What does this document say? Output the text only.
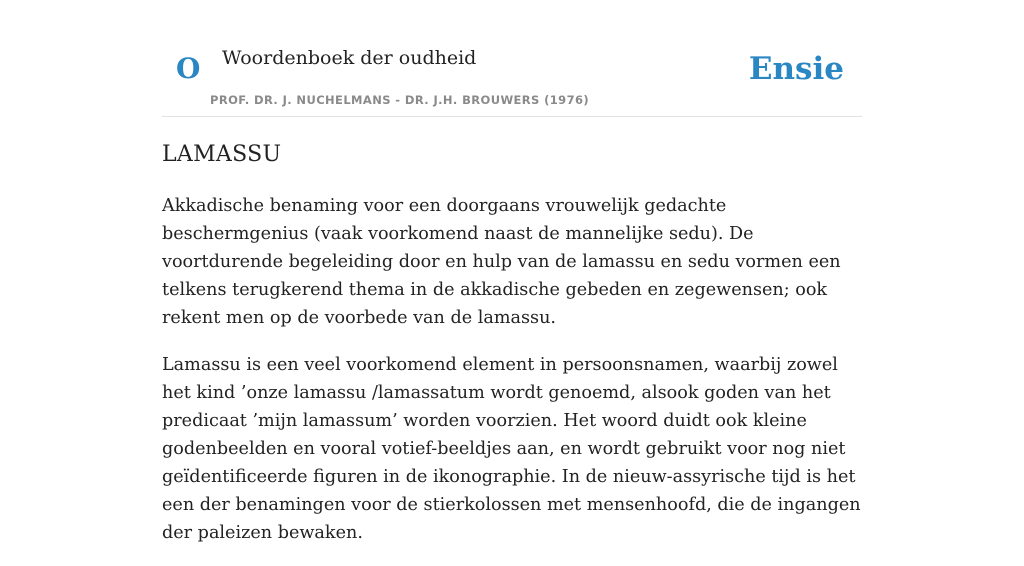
O Woordenboek der oudheid
PROF. DR. J. NUCHELMANS - DR. J.H. BROUWERS (1976)
Ensie
LAMASSU

Akkadische benaming voor een doorgaans vrouwelijk gedachte beschermgenius (vaak voorkomend naast de mannelijke sedu). De voortdurende begeleiding door en hulp van de lamassu en sedu vormen een telkens terugkerend thema in de akkadische gebeden en zegewensen; ook rekent men op de voorbede van de lamassu.

Lamassu is een veel voorkomend element in persoonsnamen, waarbij zowel het kind ’onze lamassu /lamassatum wordt genoemd, alsook goden van het predicaat ’mijn lamassum’ worden voorzien. Het woord duidt ook kleine godenbeelden en vooral votief-beeldjes aan, en wordt gebruikt voor nog niet geïdentificeerde figuren in de ikonographie. In de nieuw-assyrische tijd is het een der benamingen voor de stierkolossen met mensenhoofd, die de ingangen der paleizen bewaken.
